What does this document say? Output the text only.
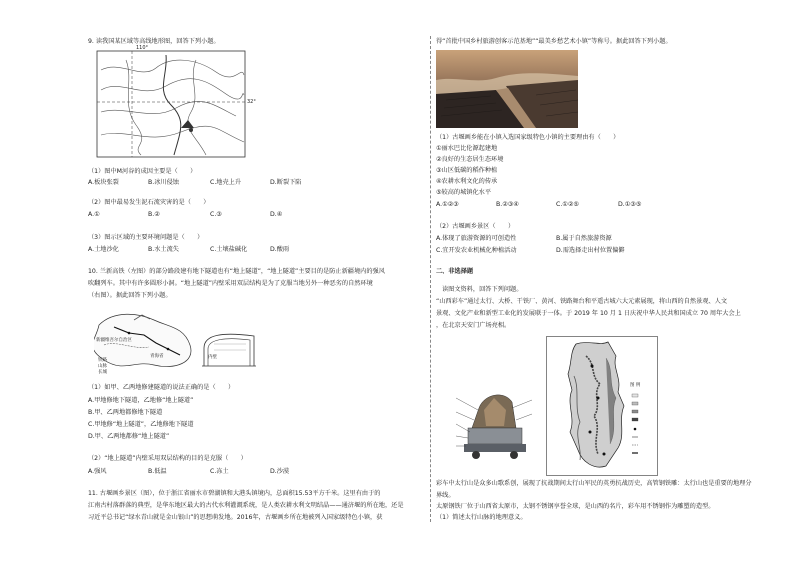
9. 读我国某区域等高线地形图，回答下列小题。
110°
32°
（1）图中M河谷的成因主要是（　　）
A.板块张裂	B.冰川侵蚀	C.地壳上升	D.断裂下陷
（2）图中最易发生泥石流灾害的是（　　）
A.①	B.②	C.③	D.④
（3）图示区域的主要环境问题是（　　）
A.土地沙化	B.水土流失	C.土壤盐碱化	D.酸雨
10. 兰新高铁（左图）的部分路段建有地下隧道也有“地上隧道”，“地上隧道”主要目的是防止新疆境内的强风
吹翻列车。其中有许多圆形小洞。“地上隧道”内壁采用双层结构是为了克服当地另外一种恶劣的自然环境
（右图）。据此回答下列小题。
新疆维吾尔自治区
青海省
铁路
山脉
长城
内壁
（1）如甲、乙两地修建隧道的说法正确的是（　　）
A.甲地修地下隧道，乙地修“地上隧道”
B.甲、乙两地都修地下隧道
C.甲地修“地上隧道”，乙地修地下隧道
D.甲、乙两地都修“地上隧道”
（2）“地上隧道”内壁采用双层结构的目的是克服（　　）
A.强风	B.低温	C.冻土	D.沙漠
11. 古堰画乡景区（图），位于浙江省丽水市碧湖镇和大港头镇境内，总面积15.53平方千米。这里有由于的
江南古村落群落的典型，是华东地区最大的古代水利灌溉系统，是人类农耕水利文明结晶——通济堰的所在地，还是
习近平总书记“绿水青山就是金山银山”的思想萌发地。2016年，古堰画乡所在地被列入国家级特色小镇，获
得“首批中国乡村旅游创客示范基地”“最美乡愁艺术小镇”等称号。据此回答下列小题。
（1）古堰画乡能在小镇入选国家级特色小镇的主要理由有（　　）
①丽水巴比伦源起建地
②良好的生态居生态环境
③山区低碳的稻作种植
④农耕水利文化的传承
⑤较高的城镇化水平
A.①②③	B.②③④	C.①②⑤	D.①③⑤
（2）古堰画乡景区（　　）
A.体现了旅游资源的可创造性	B.属于自然旅游资源
C.宜开发农业机械化种植活动	D.需选择走出村位置偏僻
二、非选择题
读图文资料，回答下列问题。
“山西彩车”通过太行、大桥、干铁厂、黄河、铁路舞台和平遥古城六大元素展现，将山西的自然景观、人文
景观、文化产业和新型工业化的发展联于一体。于 2019 年 10 月 1 日庆祝中华人民共和国成立 70 周年大会上
，在北京天安门广场亮相。
图 例
彩车中太行山是众多山歌系创，展现了抗战期间太行山军民的英勇抗战历史，高管钢铁雕：太行山也是重要的地理分
界线。
太原钢铁厂位于山西省太原市，太钢不锈钢享誉全球，是山西的名片，彩车用不锈钢作为雕塑的造型。
（1）简述太行山脉的地理意义。
